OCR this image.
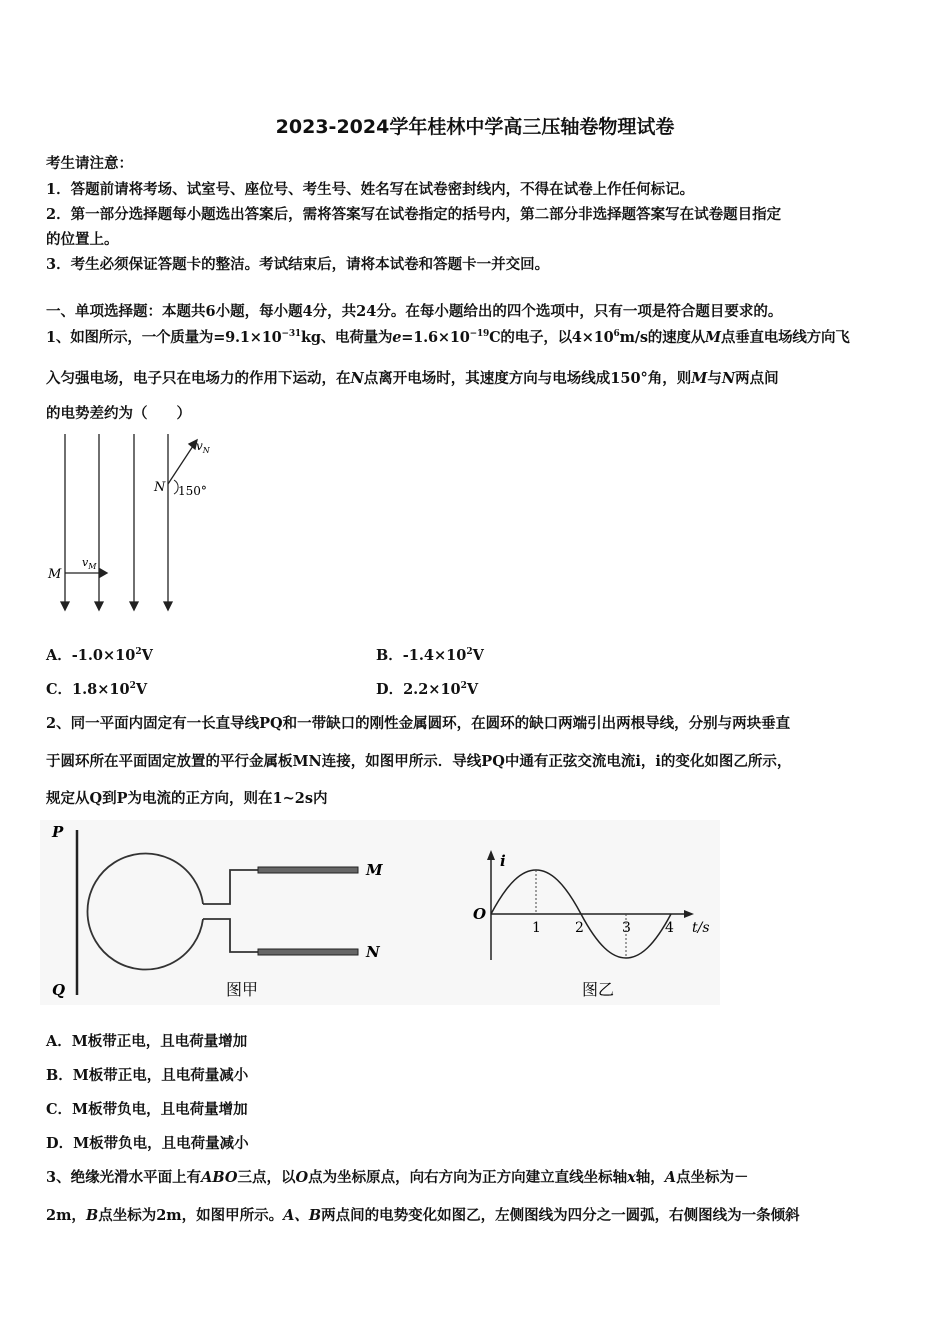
2023-2024学年桂林中学高三压轴卷物理试卷
考生请注意：
1．答题前请将考场、试室号、座位号、考生号、姓名写在试卷密封线内，不得在试卷上作任何标记。
2．第一部分选择题每小题选出答案后，需将答案写在试卷指定的括号内，第二部分非选择题答案写在试卷题目指定
的位置上。
3．考生必须保证答题卡的整洁。考试结束后，请将本试卷和答题卡一并交回。
一、单项选择题：本题共6小题，每小题4分，共24分。在每小题给出的四个选项中，只有一项是符合题目要求的。
1、如图所示，一个质量为$=9.1\times 10^{-31}kg$、电荷量为$e=1.6\times 10^{-19}C$的电子，以$4\times 10^6m/s$的速度从M点垂直电场线方向飞
入匀强电场，电子只在电场力的作用下运动，在N点离开电场时，其速度方向与电场线成150°角，则M与N两点间
的电势差约为（　　）
$v_N$
N 150°
M
$v_M$
A．$-1.0\times 10^2V$	B．$-1.4\times 10^2V$
C．$1.8\times 10^2V$	D．$2.2\times 10^2V$
2、同一平面内固定有一长直导线PQ和一带缺口的刚性金属圆环，在圆环的缺口两端引出两根导线，分别与两块垂直
于圆环所在平面固定放置的平行金属板MN连接，如图甲所示．导线PQ中通有正弦交流电流i，i的变化如图乙所示，
规定从Q到P为电流的正方向，则在1~2s内
P
Q
M
N
图甲
i
O
t/s
1 2	3 4
图乙
A．M板带正电，且电荷量增加
B．M板带正电，且电荷量减小
C．M板带负电，且电荷量增加
D．M板带负电，且电荷量减小
3、绝缘光滑水平面上有ABO三点，以O点为坐标原点，向右方向为正方向建立直线坐标轴x轴，A点坐标为－
2m，B点坐标为2m，如图甲所示。A、B两点间的电势变化如图乙，左侧图线为四分之一圆弧，右侧图线为一条倾斜
